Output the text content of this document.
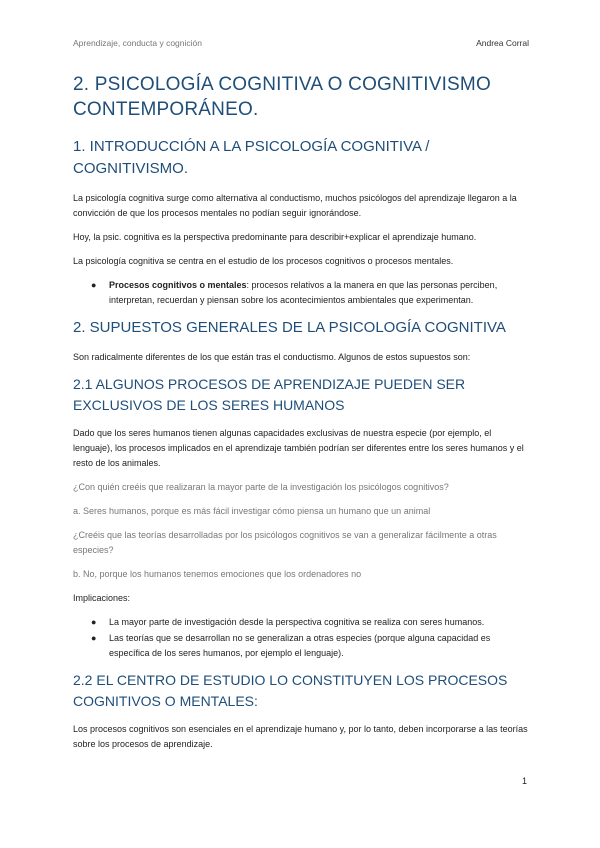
Aprendizaje, conducta y cognición	Andrea Corral
2. PSICOLOGÍA COGNITIVA O COGNITIVISMO CONTEMPORÁNEO.
1. INTRODUCCIÓN A LA PSICOLOGÍA COGNITIVA / COGNITIVISMO.

La psicología cognitiva surge como alternativa al conductismo, muchos psicólogos del aprendizaje llegaron a la convicción de que los procesos mentales no podían seguir ignorándose.

Hoy, la psic. cognitiva es la perspectiva predominante para describir+explicar el aprendizaje humano.

La psicología cognitiva se centra en el estudio de los procesos cognitivos o procesos mentales.

● Procesos cognitivos o mentales: procesos relativos a la manera en que las personas perciben, interpretan, recuerdan y piensan sobre los acontecimientos ambientales que experimentan.
2. SUPUESTOS GENERALES DE LA PSICOLOGÍA COGNITIVA

Son radicalmente diferentes de los que están tras el conductismo. Algunos de estos supuestos son:

2.1 ALGUNOS PROCESOS DE APRENDIZAJE PUEDEN SER EXCLUSIVOS DE LOS SERES HUMANOS

Dado que los seres humanos tienen algunas capacidades exclusivas de nuestra especie (por ejemplo, el lenguaje), los procesos implicados en el aprendizaje también podrían ser diferentes entre los seres humanos y el resto de los animales.

¿Con quién creéis que realizaran la mayor parte de la investigación los psicólogos cognitivos?

a. Seres humanos, porque es más fácil investigar cómo piensa un humano que un animal

¿Creéis que las teorías desarrolladas por los psicólogos cognitivos se van a generalizar fácilmente a otras especies?

b. No, porque los humanos tenemos emociones que los ordenadores no

Implicaciones:

● La mayor parte de investigación desde la perspectiva cognitiva se realiza con seres humanos.
● Las teorías que se desarrollan no se generalizan a otras especies (porque alguna capacidad es específica de los seres humanos, por ejemplo el lenguaje).
2.2 EL CENTRO DE ESTUDIO LO CONSTITUYEN LOS PROCESOS COGNITIVOS O MENTALES:

Los procesos cognitivos son esenciales en el aprendizaje humano y, por lo tanto, deben incorporarse a las teorías sobre los procesos de aprendizaje.

1
